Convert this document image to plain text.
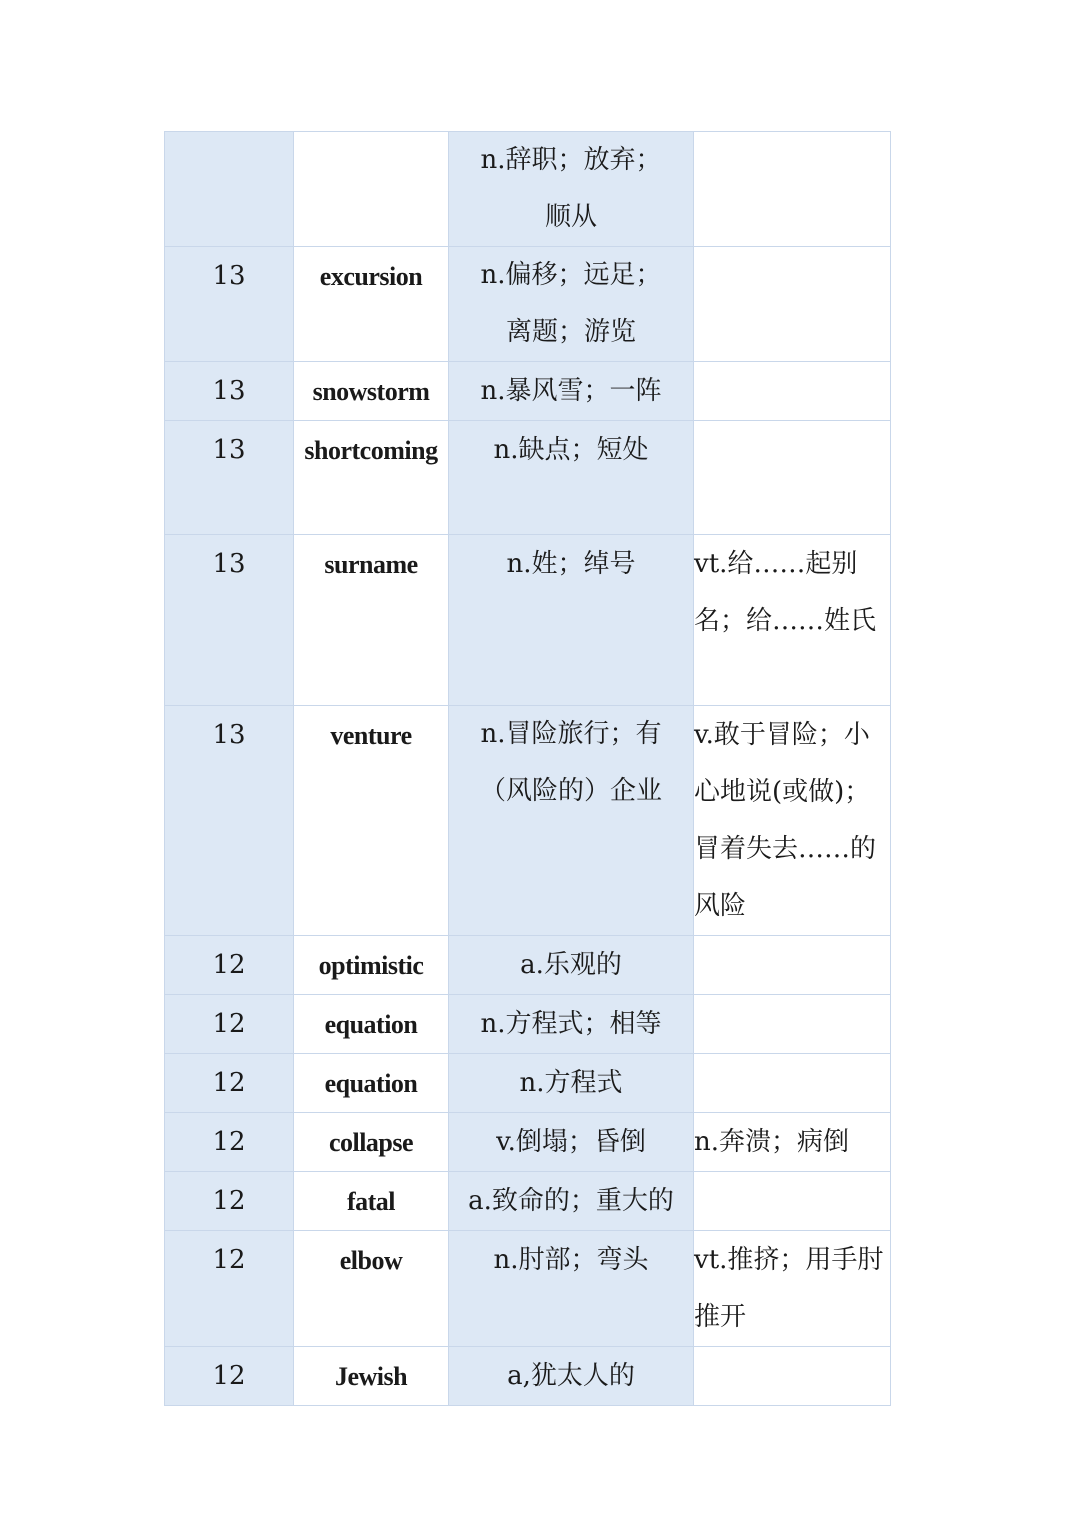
		n.辞职；放弃；顺从	

13	excursion	n.偏移；远足；离题；游览	

13	snowstorm	n.暴风雪；一阵	

13	shortcoming	n.缺点；短处	

13	surname	n.姓；绰号	vt.给……起别名；给……姓氏

13	venture	n.冒险旅行；有（风险的）企业	v.敢于冒险；小心地说(或做)；冒着失去……的风险

12	optimistic	a.乐观的	

12	equation	n.方程式；相等	

12	equation	n.方程式	

12	collapse	v.倒塌；昏倒	n.奔溃；病倒

12	fatal	a.致命的；重大的	

12	elbow	n.肘部；弯头	vt.推挤；用手肘推开

12	Jewish	a,犹太人的	
